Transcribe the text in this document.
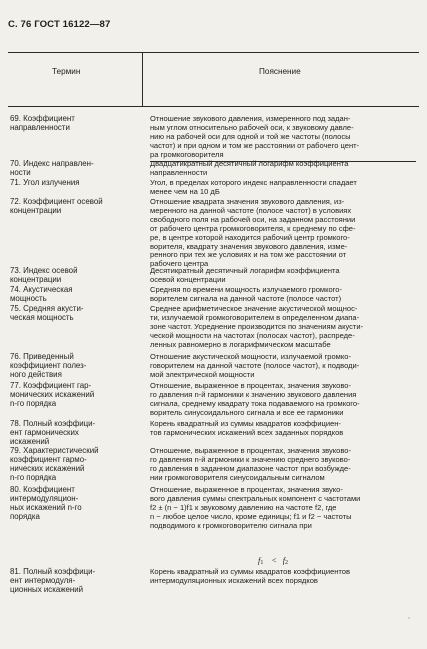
С. 76 ГОСТ 16122—87
Термин	Пояснение
69. Коэффициент
направленности
Отношение звукового давления, измеренного под задан-
ным углом относительно рабочей оси, к звуковому давле-
нию на рабочей оси для одной и той же частоты (полосы
частот) и при одном и том же расстоянии от рабочего цент-
ра громкоговорителя
70. Индекс направлен-
ности
Двадцатикратный десятичный логарифм коэффициента
направленности
71. Угол излучения	Угол, в пределах которого индекс направленности спадает
менее чем на 10 дБ
72. Коэффициент осевой
концентрации
Отношение квадрата значения звукового давления, из-
меренного на данной частоте (полосе частот) в условиях
свободного поля на рабочей оси, на заданном расстоянии
от рабочего центра громкоговорителя, к среднему по сфе-
ре, в центре которой находится рабочий центр громкого-
ворителя, квадрату значения звукового давления, изме-
ренного при тех же условиях и на том же расстоянии от
рабочего центра
73. Индекс осевой
концентрации
Десятикратный десятичный логарифм коэффициента
осевой концентрации
74. Акустическая
мощность
Средняя по времени мощность излучаемого громкого-
ворителем сигнала на данной частоте (полосе частот)
75. Средняя акусти-
ческая мощность
Среднее арифметическое значение акустической мощнос-
ти, излучаемой громкоговорителем в определенном диапа-
зоне частот. Усреднение производится по значениям акусти-
ческой мощности на частотах (полосах частот), распреде-
ленных равномерно в логарифмическом масштабе
76. Приведенный
коэффициент полез-
ного действия
Отношение акустической мощности, излучаемой громко-
говорителем на данной частоте (полосе частот), к подводи-
мой электрической мощности
77. Коэффициент гар-
монических искажений
n-го порядка
Отношение, выраженное в процентах, значения звуково-
го давления n-й гармоники к значению звукового давления
сигнала, среднему квадрату тока подаваемого на громкого-
воритель синусоидального сигнала и все ее гармоники
78. Полный коэффици-
ент гармонических
искажений
Корень квадратный из суммы квадратов коэффициен-
тов гармонических искажений всех заданных порядков
79. Характеристический
коэффициент гармо-
нических искажений
n-го порядка
Отношение, выраженное в процентах, значения звуково-
го давления n-й агрмоники к значению среднего звуково-
го давления в заданном диапазоне частот при возбужде-
нии громкоговорителя синусоидальным сигналом
80. Коэффициент
интермодуляцион-
ных искажений n-го
порядка
Отношение, выраженное в процентах, значения звуко-
вого давления суммы спектральных компонент с частотами
f2 ± (n − 1)f1 к звуковому давлению на частоте f2, где
n − любое целое число, кроме единицы; f1 и f2 − частоты
подводимого к громкоговорителю сигнала при
f1 < f2
81. Полный коэффици-
ент интермодуля-
ционных искажений
Корень квадратный из суммы квадратов коэффициентов
интермодуляционных искажений всех порядков
ˆ
